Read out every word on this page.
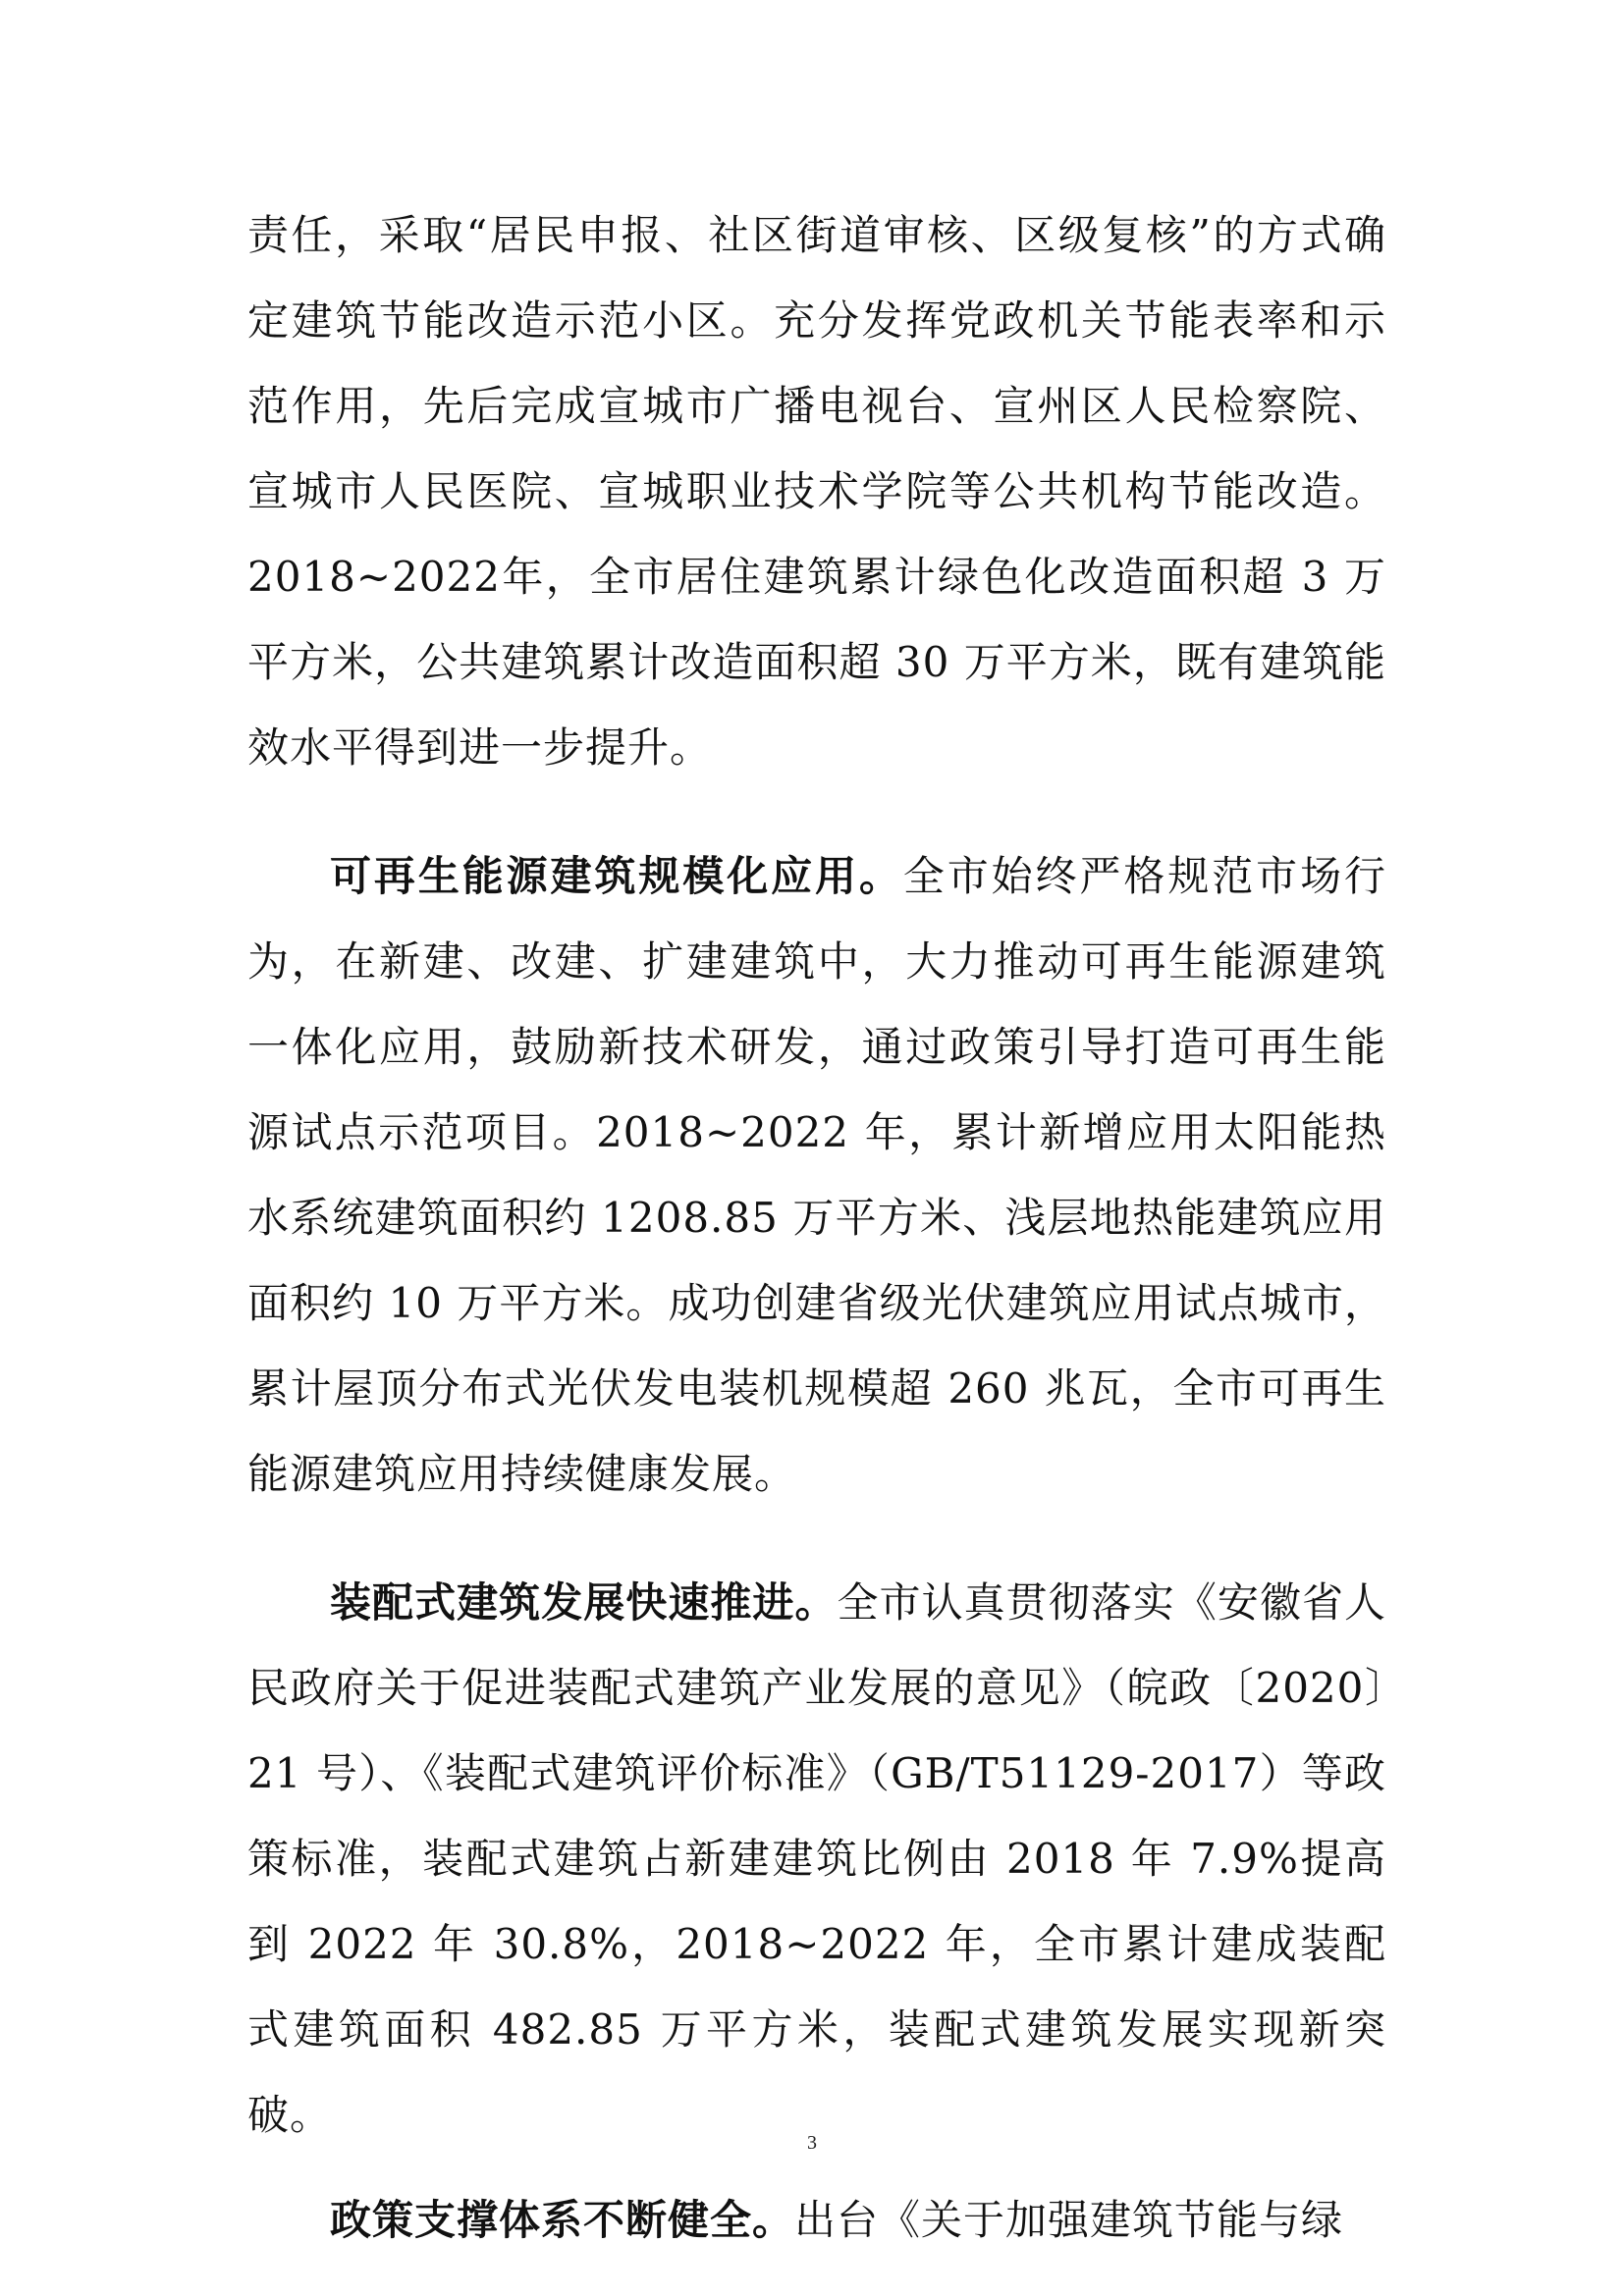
责任，采取“居民申报、社区街道审核、区级复核”的方式确定建筑节能改造示范小区。充分发挥党政机关节能表率和示范作用，先后完成宣城市广播电视台、宣州区人民检察院、宣城市人民医院、宣城职业技术学院等公共机构节能改造。2018~2022年，全市居住建筑累计绿色化改造面积超 3 万平方米，公共建筑累计改造面积超 30 万平方米，既有建筑能效水平得到进一步提升。

可再生能源建筑规模化应用。全市始终严格规范市场行为，在新建、改建、扩建建筑中，大力推动可再生能源建筑一体化应用，鼓励新技术研发，通过政策引导打造可再生能源试点示范项目。2018~2022 年，累计新增应用太阳能热水系统建筑面积约 1208.85 万平方米、浅层地热能建筑应用面积约 10 万平方米。成功创建省级光伏建筑应用试点城市，累计屋顶分布式光伏发电装机规模超 260 兆瓦，全市可再生能源建筑应用持续健康发展。

装配式建筑发展快速推进。全市认真贯彻落实《安徽省人民政府关于促进装配式建筑产业发展的意见》（皖政〔2020〕21 号）、《装配式建筑评价标准》（GB/T51129-2017）等政策标准，装配式建筑占新建建筑比例由 2018 年 7.9%提高到 2022 年 30.8%，2018~2022 年，全市累计建成装配式建筑面积 482.85 万平方米，装配式建筑发展实现新突破。

政策支撑体系不断健全。出台《关于加强建筑节能与绿

3
